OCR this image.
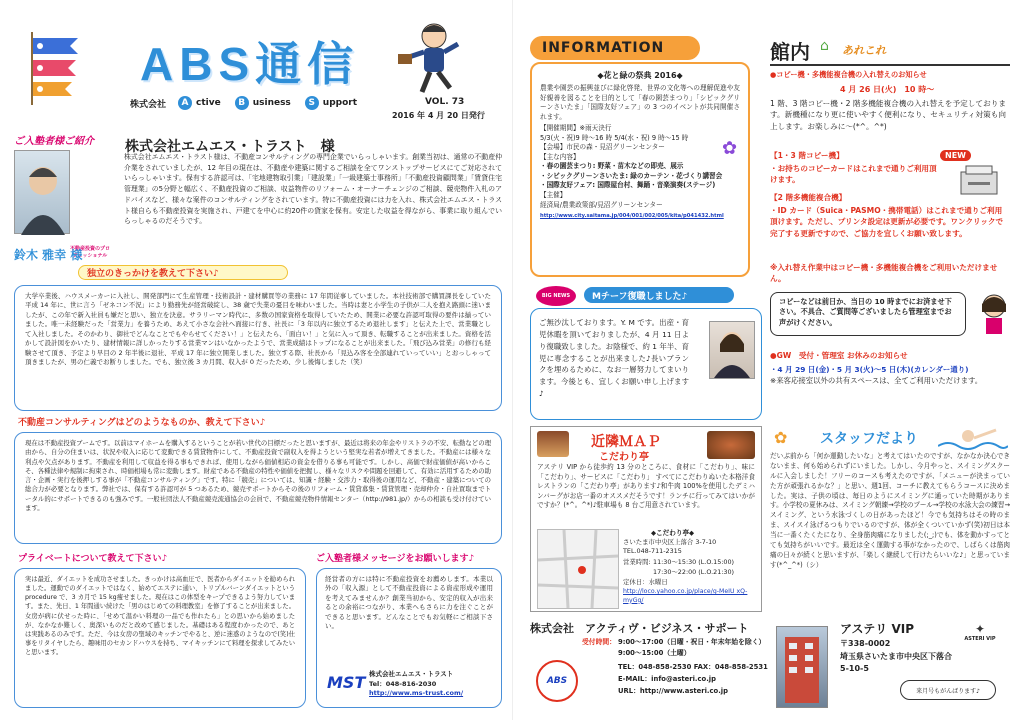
ABS通信
株式会社	A ctive	B usiness	S upport	VOL. 73
2016 年 4 月 20 日発行
ご入塾者様ご紹介 株式会社エムエス・トラスト　様
不動産投資のプロフェッショナル
鈴木 雅幸 様
株式会社エムエス・トラスト様は、不動産コンサルティングの専門企業でいらっしゃいます。創業当初は、通常の不動産仲介業をされていましたが、12 年目の現在は、不動産や建築に関するご相談を全てワンストップサービスにてご対応されていらっしゃいます。保有する許認可は、「宅地建物取引業」「建設業」「一級建築士事務所」「不動産投資顧問業」「賃貸住宅管理業」の5分野と幅広く、不動産投資のご相談、収益物件のリフォーム・オーナーチェンジのご相談、競売物件入札のアドバイスなど、様々な案件のコンサルティングをされています。特に不動産投資には力を入れ、株式会社エムエス・トラスト様自らも不動産投資を実施され、戸建てを中心に約20件の貸家を保有。安定した収益を得ながら、事業に取り組んでいらっしゃるのだそうです。
独立のきっかけを教えて下さい♪
大学卒業後、ハウスメーカーに入社し、開発部門にて生産管理・技術設計・建材購買等の業務に 17 年間従事していました。本社技術部で購買課長をしていた平成 14 年に、世に言う「ゼネコン不況」により勤務先が経営破綻し、38 歳で失業の憂目を味わいました。当時は妻と小学生の子供が二人を抱え路頭に迷いましたが、この年で新入社員も嫌だと思い、独立を決意。サラリーマン時代に、多数の国家資格を取得していたため、開業に必要な許認可取得の要件は揃っていました。唯一未経験だった「営業力」を養うため、あえて小さな会社へ面接に行き、社長に「3 年以内に独立するため退社します」と伝えた上で、営業職として入社しました。そのかわり、御社でどんなことでもやらせてください！」と伝えたら、「面白い！」と気に入って頂き、転職することが出来ました。資格を活かして設計図をかいたり、建材情報に詳しかったりする営業マンはいなかったようで、営業成績はトップになることが出来ました。「飛び込み営業」の修行も経験させて頂き、予定より早目の 2 年半後に退社、平成 17 年に独立開業しました。独立する際、社長から「見込み客を全部連れていっていい」とおっしゃって頂きましたが、男の仁義でお断りしました。でも、独立後 3 カ月間、収入が 0 だったため、少し後悔しました（笑）
不動産コンサルティングはどのようなものか、教えて下さい♪
現在は不動産投資ブームです。以前はマイホームを購入するということが若い世代の目標だったと思いますが、最近は将来の年金やリストラの不安、転勤などの理由から、自分の住まいは、状況や収入に応じて変動できる賃貸物件にして、不動産投資で副収入を得ようという堅実な若者が増えてきました。不動産には様々な利点や欠点があります。不動産を利用して収益を得る事もできれば、使用しながら価値相応の資金を借りる事も可能です。しかし、高価で財産価値が高いからこそ、各種法律や規制に拘束され、時価相場も常に変動します。財産である不動産の特性や価値を把握し、様々なリスクや問題を回避して、有効に活用するための助言・企画・実行を後押しする事が「不動産コンサルティング」です。特に「競売」については、知識・経験・交渉力・取得後の運用など、不動産・建築についての総合力が必要となります。弊社では、保有する許認可が 5 つあるため、競売サポートからその後のリフォーム・賃貸募集・賃貸管理・売却仲介・自社買取までトータル的にサポートできるのも強みです。一般社団法人不動産競売流通協会の会員で、不動産競売物件情報センター（http://981.jp/）からの相談も受け付けています。
プライベートについて教えて下さい♪
実は最近、ダイエットを成功させました。きっかけは高血圧で、医者からダイエットを勧められました。運動でのダイエットではなく、始めてエステに通い、トリプルバーンダイエットという procedure で、3 カ月で 15 kg痩せました。現在はこの体型をキープできるよう努力しています。また、先日、1 年間通い続けた「男のはじめての料理教室」を修了することが出来ました。女房が病に伏せった時に、「せめて温かい料理の一品でも作れたら」との思いから始めましたが、なかなか難しく、奥深いものだと改めて感じました。基礎はある程度わかったので、あとは実践あるのみです。ただ、今は女房の聖域のキッチンでやると、逆に迷惑のようなので(笑)仕事をリタイヤしたら、趣味用のセカンドハウスを持ち、マイキッチンにて料理を探求してみたいと思います。
ご入塾者様メッセージをお願いします♪
経営者の方には特に不動産投資をお薦めします。本業以外の「収入源」として不動産投資による資産形成や運用を考えてみませんか？創業当初から、安定的収入が出来るとの余裕につながり、本業へもさらに力を注ぐことができると思います。どんなことでもお気軽にご相談下さい。
MST 株式会社エムエス・トラスト
Tel：048-816-2030
http://www.ms-trust.com/
INFORMATION
◆花と緑の祭典 2016◆
農業や園芸の振興並びに緑化啓発、世界の文化等への理解促進や友好親善を図ることを目的として「春の園芸まつり」「シビックグリーンさいたま」「国際友好フェア」の 3 つのイベントが共同開催されます。
【開催期間】※雨天決行
5/3(火・祝)9 時〜16 時 5/4(水・祝) 9 時〜15 時
【会場】市民の森・見沼グリーンセンター
【主な内容】
・春の園芸まつり: 野菜・苗木などの即売、展示
・シビックグリーンさいたま: 緑のカーテン・花づくり講習会
・国際友好フェア: 国際屋台村、舞踊・音楽演奏(ステージ)
【主催】
経済局/農業政策部/見沼グリーンセンター
http://www.city.saitama.jp/004/001/002/005/kita/p041432.html
✿
BIG NEWS Mチーフ復職しました♪
ご無沙汰しております。Y. M です。出産・育児休暇を頂いておりましたが、4 月 11 日より復職致しました。お陰様で、約 1 年半、育児に専念することが出来ました♪長いブランクを埋めるために、なお一層努力してまいります。今後とも、宜しくお願い申し上げます♪
館内 ⌂ あれこれ
●コピー機・多機能複合機の入れ替えのお知らせ
4 月 26 日(火)　10 時〜
1 階、3 階コピー機・2 階多機能複合機の入れ替えを予定しております。新機種になり更に使いやすく便利になり、セキュリティ対策も向上します。お楽しみに～(*^。^*)
【1・3 階コピー機】
・お持ちのコピーカードはこれまで通りご利用頂けます。
NEW
【2 階多機能複合機】
・ID カード（Suica・PASMO・携帯電話）はこれまで通りご利用頂けます。ただし、プリンタ設定は更新が必要です。ワンクリックで完了する更新ですので、ご協力を宜しくお願い致します。
※入れ替え作業中はコピー機・多機能複合機をご利用いただけません。
コピーなどは前日か、当日の 10 時までにお済ませ下さい。不具合、ご質問等ございましたら管理室までお声がけください。
●GW　受付・管理室 お休みのお知らせ
・4 月 29 日(金)・5 月 3(火)～5 日(木)(カレンダー通り)
※来客応接室以外の共有スペースは、全てご利用いただけます。
近隣ＭＡＰ
こだわり亭
アステリ VIP から徒歩約 13 分のところに、食材に「こだわり」、味に「こだわり」、サービスに「こだわり」 すべてにこだわりぬいた本格洋食レストランの「こだわり亭」があります♪和牛肉 100%を使用したデミハンバーグがお店一番のオススメだそうです！ランチに行ってみてはいかがですか？(*^。^*)♪駐車場も 8 台ご用意されています。
◆こだわり亭◆
さいたま市中央区上落合 3-7-10
TEL.048-711-2315
営業時間: 11:30～15:30 (L.O.15:00)
17:30～22:00 (L.O.21:30)
定休日：水曜日
http://loco.yahoo.co.jp/place/g-MeIU xQ-myGg/
✿ スタッフだより
だいぶ前から「何か運動したいな」と考えてはいたのですが、なかなか決心できないまま、何も始められずにいました。しかし、今月やっと、スイミングスクールに入会しました！フリーのコースも考えたのですが、「メニューが決まっていた方が頑張れるかな？」と思い、週1回、コーチに教えてもらうコースに決めました。実は、子供の頃は、毎日のようにスイミングに通っていた時期があります。小学校の夏休みは、スイミング朝練→学校のプール→学校の水泳大会の練習→スイミング、という水泳づくしの日があったほど！今でも気持ちはその時のまま、スイスイ泳げるつもりでいるのですが、体が全くついていかず(笑)初日は本当に一番くたくたになり、全身筋肉痛になりました(;_;)でも、体を動かすってとても気持ちがいいです。最近は全く運動する事がなかったので、しばらくは筋肉痛の日々が続くと思いますが、「楽しく継続して行けたらいいな♪」と思っています(*^_^*)（シ）
株式会社　アクティヴ・ビジネス・サポート
ABS
受付時間： 9:00～17:00（日曜・祝日・年末年始を除く）
9:00～15:00（土曜）
TEL：048-858-2530 FAX：048-858-2531
E-MAIL：info@asteri.co.jp
URL：http://www.asteri.co.jp
アステリ VIP	✦
ASTERI VIP
〒338-0002
埼玉県さいたま市中央区下落合
5-10-5
来月号もがんばります♪
